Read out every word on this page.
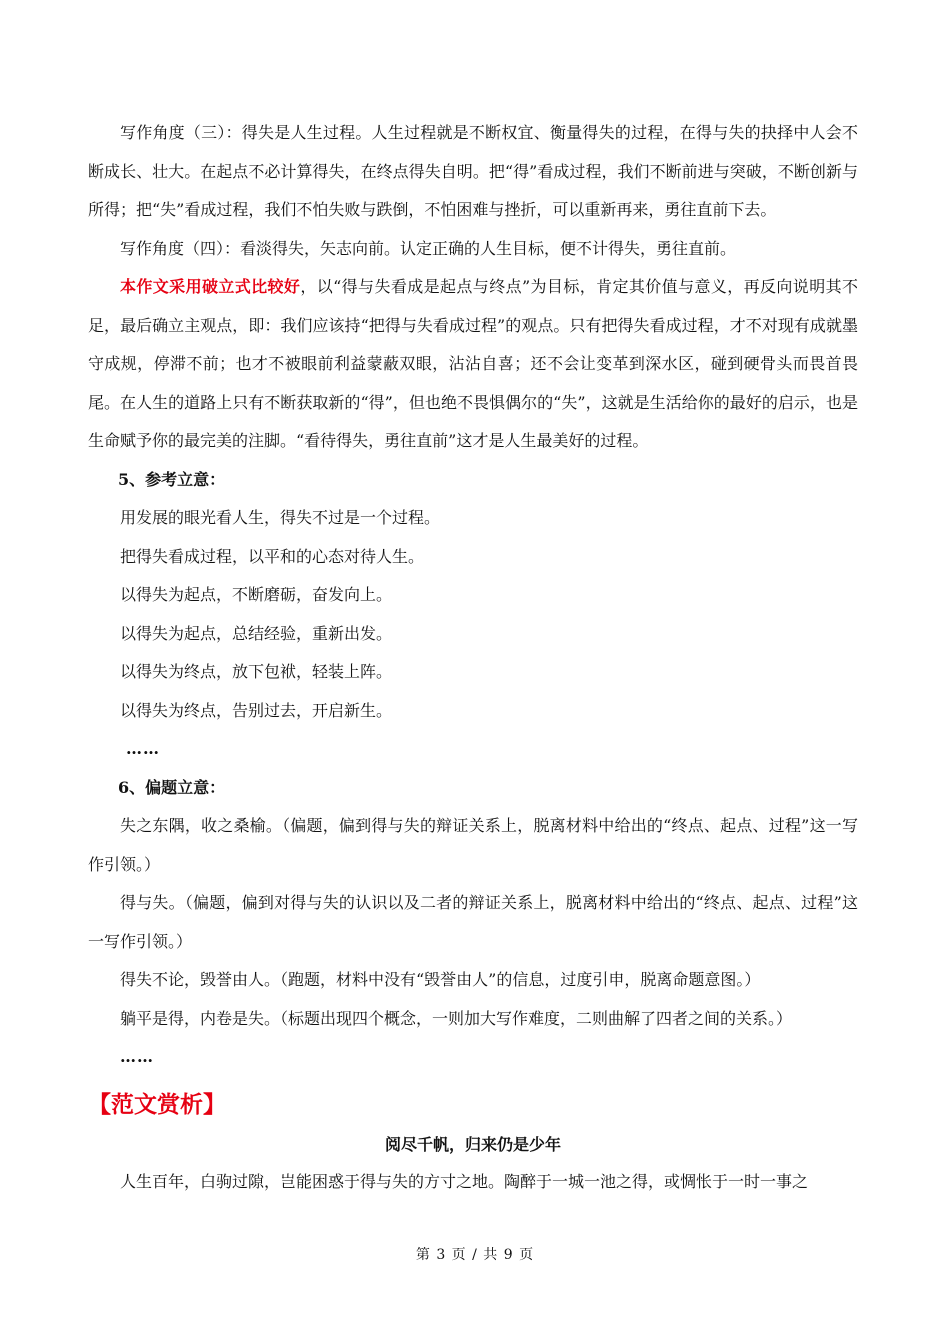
写作角度（三）：得失是人生过程。人生过程就是不断权宜、衡量得失的过程，在得与失的抉择中人会不断成长、壮大。在起点不必计算得失，在终点得失自明。把“得”看成过程，我们不断前进与突破，不断创新与所得；把“失”看成过程，我们不怕失败与跌倒，不怕困难与挫折，可以重新再来，勇往直前下去。

写作角度（四）：看淡得失，矢志向前。认定正确的人生目标，便不计得失，勇往直前。

本作文采用破立式比较好，以“得与失看成是起点与终点”为目标，肯定其价值与意义，再反向说明其不足，最后确立主观点，即：我们应该持“把得与失看成过程”的观点。只有把得失看成过程，才不对现有成就墨守成规，停滞不前；也才不被眼前利益蒙蔽双眼，沾沾自喜；还不会让变革到深水区，碰到硬骨头而畏首畏尾。在人生的道路上只有不断获取新的“得”，但也绝不畏惧偶尔的“失”，这就是生活给你的最好的启示，也是生命赋予你的最完美的注脚。“看待得失，勇往直前”这才是人生最美好的过程。

5、参考立意：

用发展的眼光看人生，得失不过是一个过程。

把得失看成过程，以平和的心态对待人生。

以得失为起点，不断磨砺，奋发向上。

以得失为起点，总结经验，重新出发。

以得失为终点，放下包袱，轻装上阵。

以得失为终点，告别过去，开启新生。

……

6、偏题立意：

失之东隅，收之桑榆。（偏题，偏到得与失的辩证关系上，脱离材料中给出的“终点、起点、过程”这一写作引领。）

得与失。（偏题，偏到对得与失的认识以及二者的辩证关系上，脱离材料中给出的“终点、起点、过程”这一写作引领。）

得失不论，毁誉由人。（跑题，材料中没有“毁誉由人”的信息，过度引申，脱离命题意图。）

躺平是得，内卷是失。（标题出现四个概念，一则加大写作难度，二则曲解了四者之间的关系。）

……

【范文赏析】
阅尽千帆，归来仍是少年

人生百年，白驹过隙，岂能困惑于得与失的方寸之地。陶醉于一城一池之得，或惆怅于一时一事之

第 3 页 / 共 9 页
